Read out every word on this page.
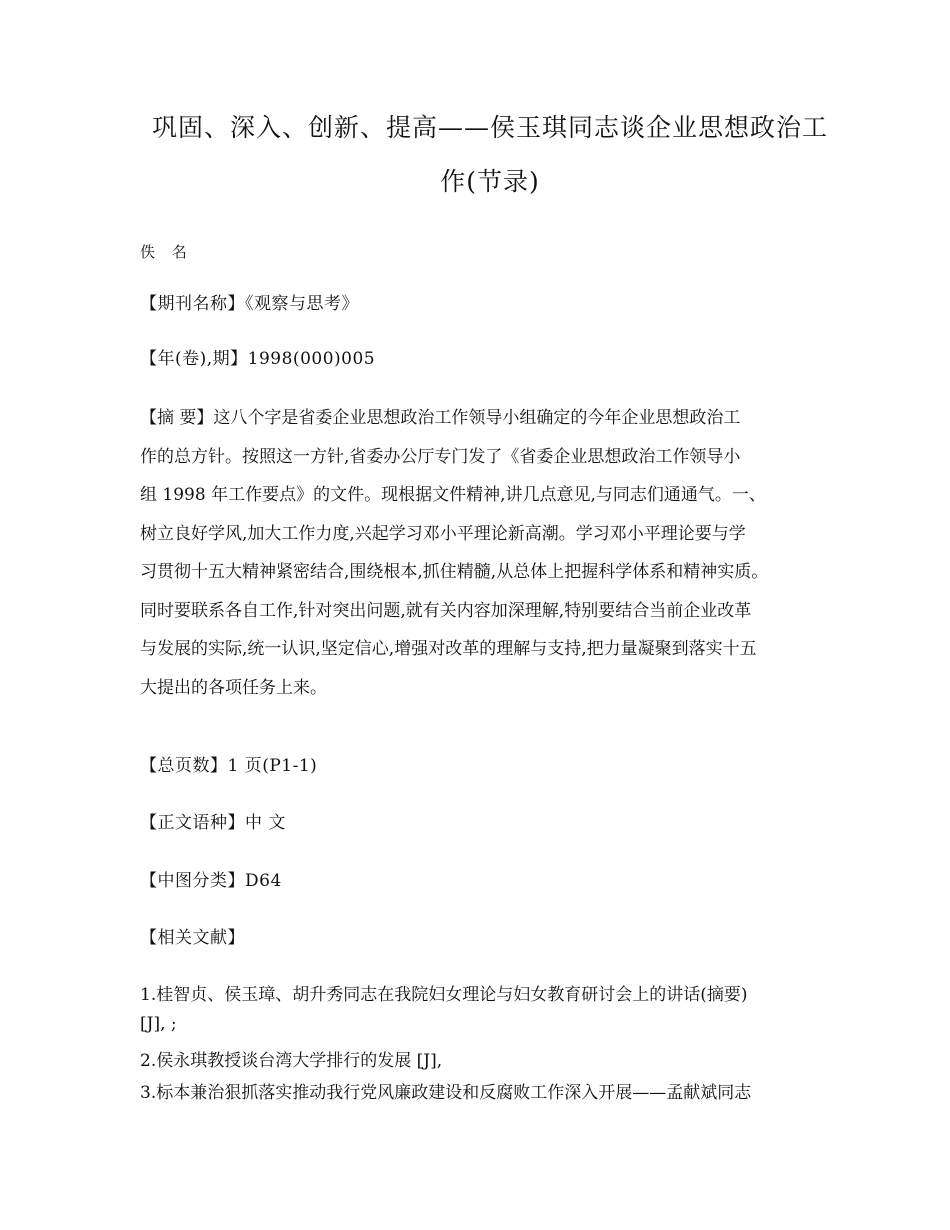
巩固、深入、创新、提高——侯玉琪同志谈企业思想政治工
作(节录)
佚 名
【期刊名称】《观察与思考》
【年(卷),期】1998(000)005
【摘 要】这八个字是省委企业思想政治工作领导小组确定的今年企业思想政治工
作的总方针。按照这一方针,省委办公厅专门发了《省委企业思想政治工作领导小
组 1998 年工作要点》的文件。现根据文件精神,讲几点意见,与同志们通通气。一、
树立良好学风,加大工作力度,兴起学习邓小平理论新高潮。学习邓小平理论要与学
习贯彻十五大精神紧密结合,围绕根本,抓住精髓,从总体上把握科学体系和精神实质。
同时要联系各自工作,针对突出问题,就有关内容加深理解,特别要结合当前企业改革
与发展的实际,统一认识,坚定信心,增强对改革的理解与支持,把力量凝聚到落实十五
大提出的各项任务上来。
【总页数】1 页(P1-1)
【正文语种】中 文
【中图分类】D64
【相关文献】
1.桂智贞、侯玉璋、胡升秀同志在我院妇女理论与妇女教育研讨会上的讲话(摘要)
[J], ;
2.侯永琪教授谈台湾大学排行的发展 [J],
3.标本兼治狠抓落实推动我行党风廉政建设和反腐败工作深入开展——孟献斌同志
